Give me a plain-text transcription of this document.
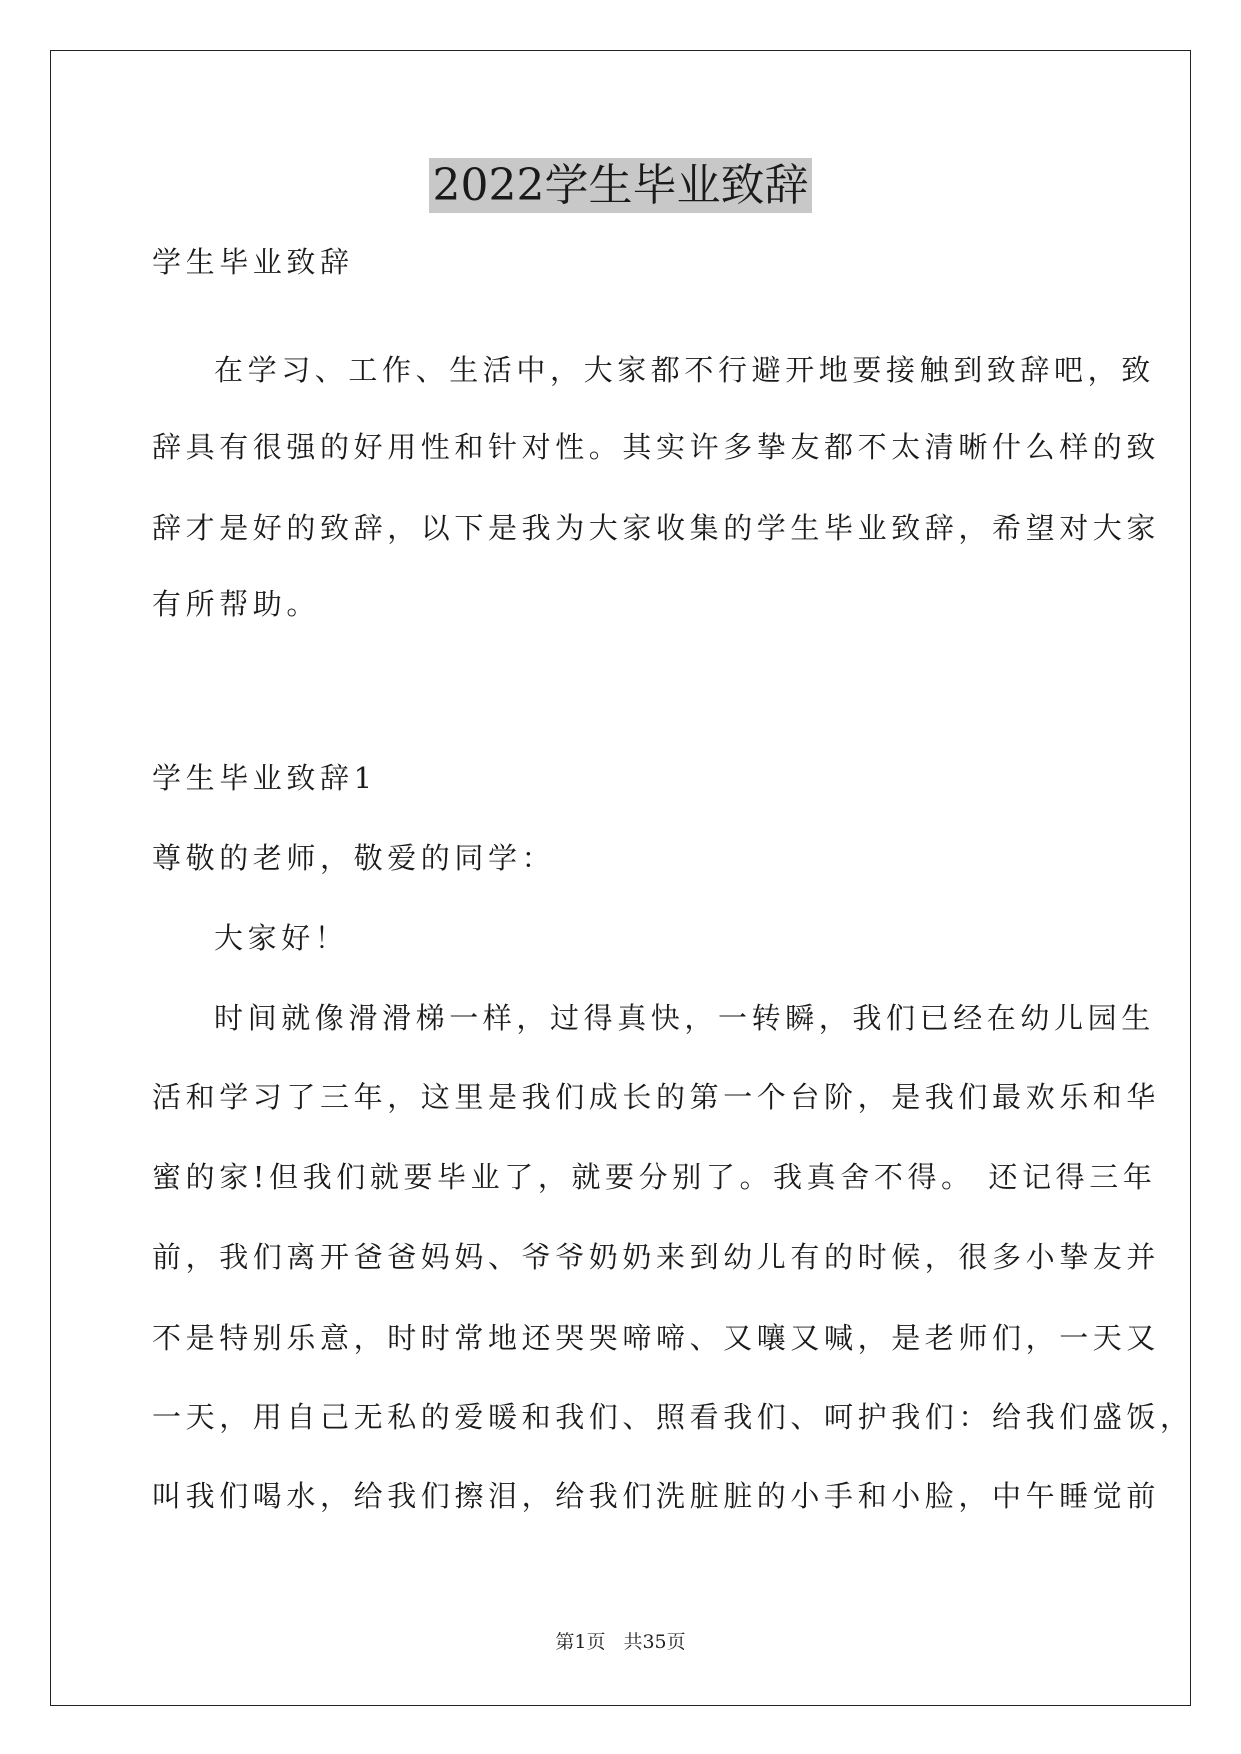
2022学生毕业致辞
学生毕业致辞
在学习、工作、生活中，大家都不行避开地要接触到致辞吧，致
辞具有很强的好用性和针对性。其实许多挚友都不太清晰什么样的致
辞才是好的致辞，以下是我为大家收集的学生毕业致辞，希望对大家
有所帮助。
学生毕业致辞1
尊敬的老师，敬爱的同学：
大家好！
时间就像滑滑梯一样，过得真快，一转瞬，我们已经在幼儿园生
活和学习了三年，这里是我们成长的第一个台阶，是我们最欢乐和华
蜜的家!但我们就要毕业了，就要分别了。我真舍不得。 还记得三年
前，我们离开爸爸妈妈、爷爷奶奶来到幼儿有的时候，很多小挚友并
不是特别乐意，时时常地还哭哭啼啼、又嚷又喊，是老师们，一天又
一天，用自己无私的爱暖和我们、照看我们、呵护我们：给我们盛饭，
叫我们喝水，给我们擦泪，给我们洗脏脏的小手和小脸，中午睡觉前
第1页 共35页
